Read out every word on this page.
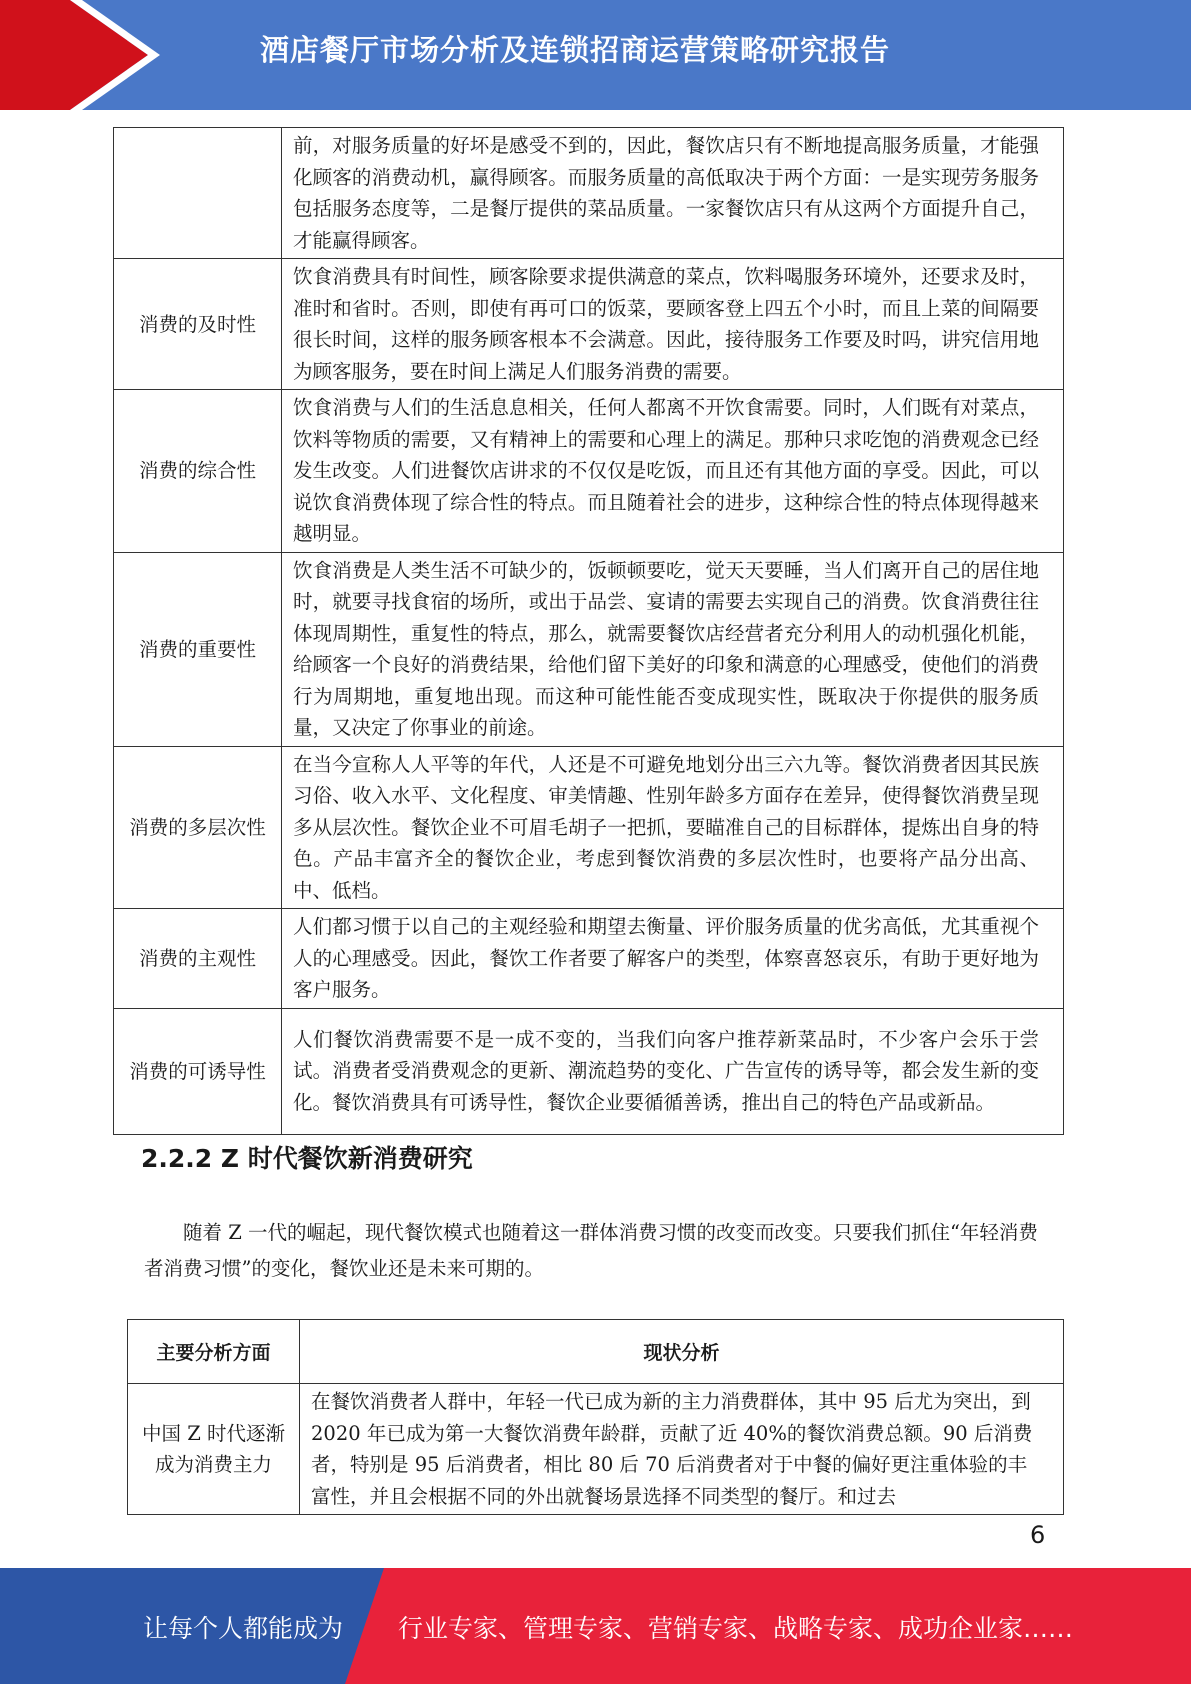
酒店餐厅市场分析及连锁招商运营策略研究报告
	前，对服务质量的好坏是感受不到的，因此，餐饮店只有不断地提高服务质量，才能强化顾客的消费动机，赢得顾客。而服务质量的高低取决于两个方面：一是实现劳务服务包括服务态度等，二是餐厅提供的菜品质量。一家餐饮店只有从这两个方面提升自己，才能赢得顾客。
消费的及时性	饮食消费具有时间性，顾客除要求提供满意的菜点，饮料喝服务环境外，还要求及时，准时和省时。否则，即使有再可口的饭菜，要顾客登上四五个小时，而且上菜的间隔要很长时间，这样的服务顾客根本不会满意。因此，接待服务工作要及时吗，讲究信用地为顾客服务，要在时间上满足人们服务消费的需要。
消费的综合性	饮食消费与人们的生活息息相关，任何人都离不开饮食需要。同时，人们既有对菜点，饮料等物质的需要，又有精神上的需要和心理上的满足。那种只求吃饱的消费观念已经发生改变。人们进餐饮店讲求的不仅仅是吃饭，而且还有其他方面的享受。因此，可以说饮食消费体现了综合性的特点。而且随着社会的进步，这种综合性的特点体现得越来越明显。
消费的重要性	饮食消费是人类生活不可缺少的，饭顿顿要吃，觉天天要睡，当人们离开自己的居住地时，就要寻找食宿的场所，或出于品尝、宴请的需要去实现自己的消费。饮食消费往往体现周期性，重复性的特点，那么，就需要餐饮店经营者充分利用人的动机强化机能，给顾客一个良好的消费结果，给他们留下美好的印象和满意的心理感受，使他们的消费行为周期地，重复地出现。而这种可能性能否变成现实性，既取决于你提供的服务质量，又决定了你事业的前途。
消费的多层次性	在当今宣称人人平等的年代，人还是不可避免地划分出三六九等。餐饮消费者因其民族习俗、收入水平、文化程度、审美情趣、性别年龄多方面存在差异，使得餐饮消费呈现多从层次性。餐饮企业不可眉毛胡子一把抓，要瞄准自己的目标群体，提炼出自身的特色。产品丰富齐全的餐饮企业，考虑到餐饮消费的多层次性时，也要将产品分出高、中、低档。
消费的主观性	人们都习惯于以自己的主观经验和期望去衡量、评价服务质量的优劣高低，尤其重视个人的心理感受。因此，餐饮工作者要了解客户的类型，体察喜怒哀乐，有助于更好地为客户服务。
消费的可诱导性	人们餐饮消费需要不是一成不变的，当我们向客户推荐新菜品时，不少客户会乐于尝试。消费者受消费观念的更新、潮流趋势的变化、广告宣传的诱导等，都会发生新的变化。餐饮消费具有可诱导性，餐饮企业要循循善诱，推出自己的特色产品或新品。
2.2.2 Z 时代餐饮新消费研究
随着 Z 一代的崛起，现代餐饮模式也随着这一群体消费习惯的改变而改变。只要我们抓住“年轻消费者消费习惯”的变化，餐饮业还是未来可期的。
主要分析方面	现状分析
中国 Z 时代逐渐成为消费主力	在餐饮消费者人群中，年轻一代已成为新的主力消费群体，其中 95 后尤为突出，到 2020 年已成为第一大餐饮消费年龄群，贡献了近 40%的餐饮消费总额。90 后消费者，特别是 95 后消费者，相比 80 后 70 后消费者对于中餐的偏好更注重体验的丰富性，并且会根据不同的外出就餐场景选择不同类型的餐厅。和过去
6
让每个人都能成为 行业专家、管理专家、营销专家、战略专家、成功企业家……
